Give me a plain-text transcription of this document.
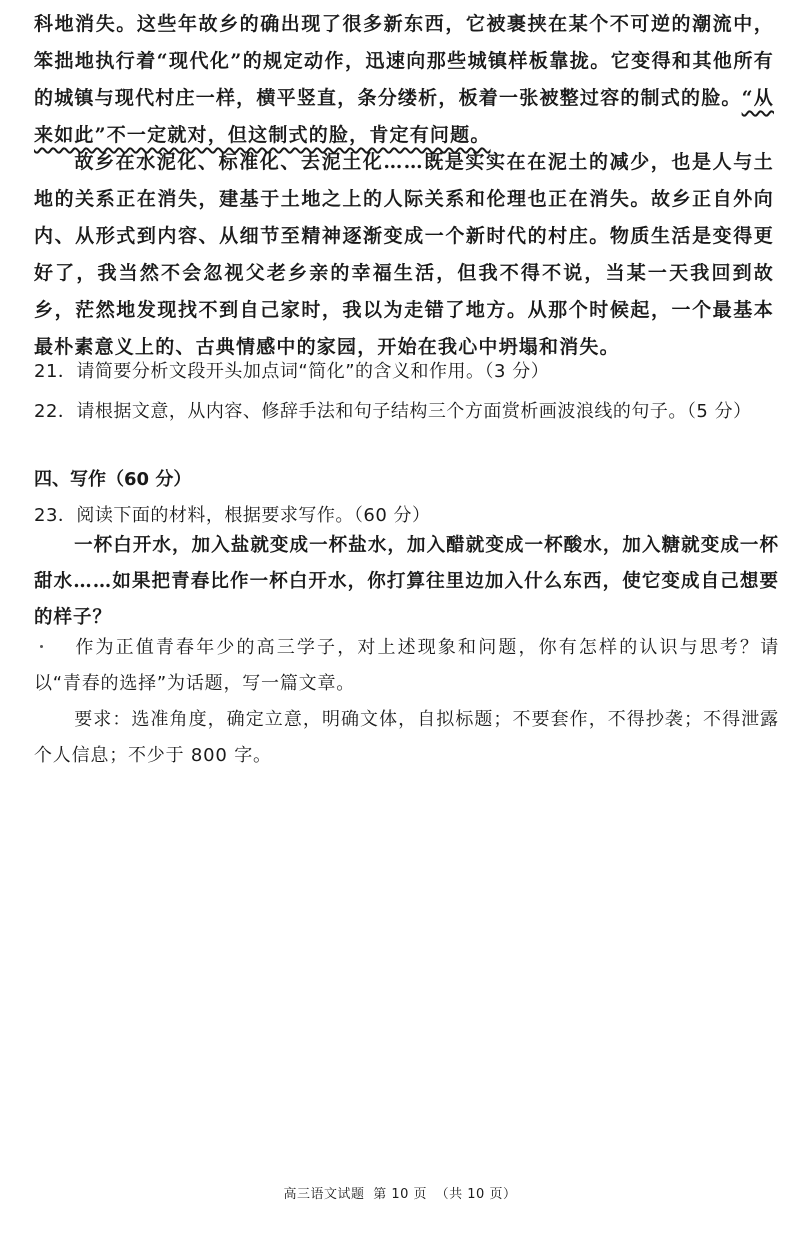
科地消失。这些年故乡的确出现了很多新东西，它被裹挟在某个不可逆的潮流中，笨拙地执行着“现代化”的规定动作，迅速向那些城镇样板靠拢。它变得和其他所有的城镇与现代村庄一样，横平竖直，条分缕析，板着一张被整过容的制式的脸。“从来如此”不一定就对，但这制式的脸，肯定有问题。
故乡在水泥化、标准化、去泥土化……既是实实在在泥土的减少，也是人与土地的关系正在消失，建基于土地之上的人际关系和伦理也正在消失。故乡正自外向内、从形式到内容、从细节至精神逐渐变成一个新时代的村庄。物质生活是变得更好了，我当然不会忽视父老乡亲的幸福生活，但我不得不说，当某一天我回到故乡，茫然地发现找不到自己家时，我以为走错了地方。从那个时候起，一个最基本最朴素意义上的、古典情感中的家园，开始在我心中坍塌和消失。
21．请简要分析文段开头加点词“简化”的含义和作用。（3 分）
22．请根据文意，从内容、修辞手法和句子结构三个方面赏析画波浪线的句子。（5 分）
四、写作（60 分）
23．阅读下面的材料，根据要求写作。（60 分）
一杯白开水，加入盐就变成一杯盐水，加入醋就变成一杯酸水，加入糖就变成一杯甜水……如果把青春比作一杯白开水，你打算往里边加入什么东西，使它变成自己想要的样子？
作为正值青春年少的高三学子，对上述现象和问题，你有怎样的认识与思考？请以“青春的选择”为话题，写一篇文章。
要求：选准角度，确定立意，明确文体，自拟标题；不要套作，不得抄袭；不得泄露个人信息；不少于 800 字。
高三语文试题 第 10 页 （共 10 页）
